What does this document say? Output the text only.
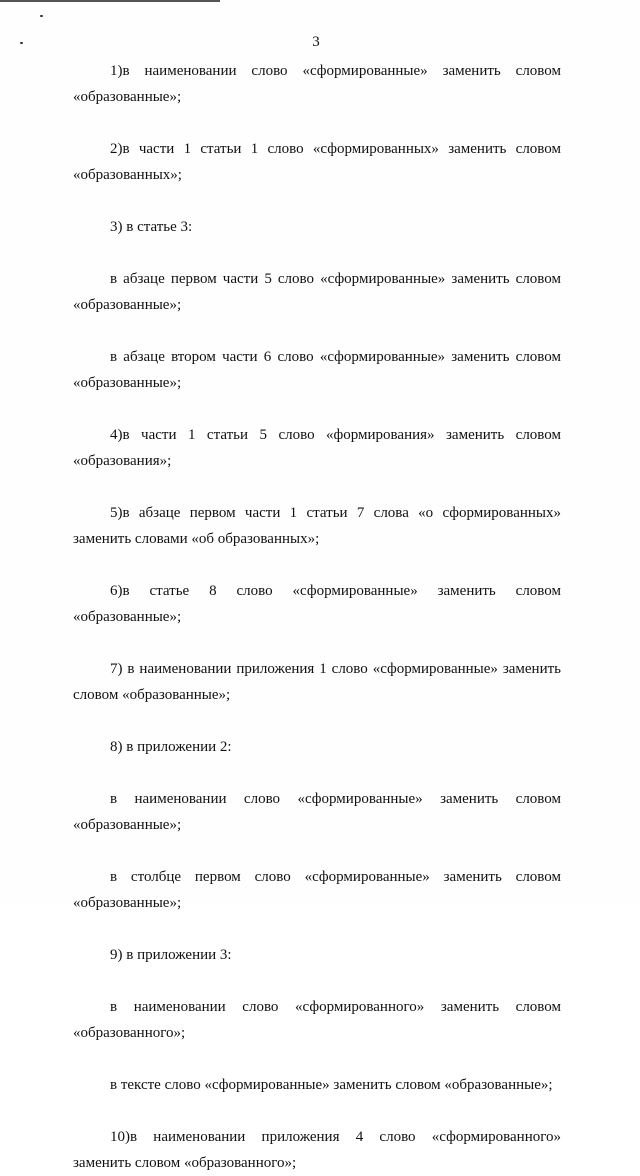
3
1)в наименовании слово «сформированные» заменить словом
«образованные»;
2)в части 1 статьи 1 слово «сформированных» заменить словом
«образованных»;
3) в статье 3:
в абзаце первом части 5 слово «сформированные» заменить словом
«образованные»;
в абзаце втором части 6 слово «сформированные» заменить словом
«образованные»;
4)в части 1 статьи 5 слово «формирования» заменить словом
«образования»;
5)в абзаце первом части 1 статьи 7 слова «о сформированных»
заменить словами «об образованных»;
6)в статье 8 слово «сформированные» заменить словом
«образованные»;
7) в наименовании приложения 1 слово «сформированные» заменить
словом «образованные»;
8) в приложении 2:
в наименовании слово «сформированные» заменить словом
«образованные»;
в столбце первом слово «сформированные» заменить словом
«образованные»;
9) в приложении 3:
в наименовании слово «сформированного» заменить словом
«образованного»;
в тексте слово «сформированные» заменить словом «образованные»;
10)в наименовании приложения 4 слово «сформированного»
заменить словом «образованного»;
